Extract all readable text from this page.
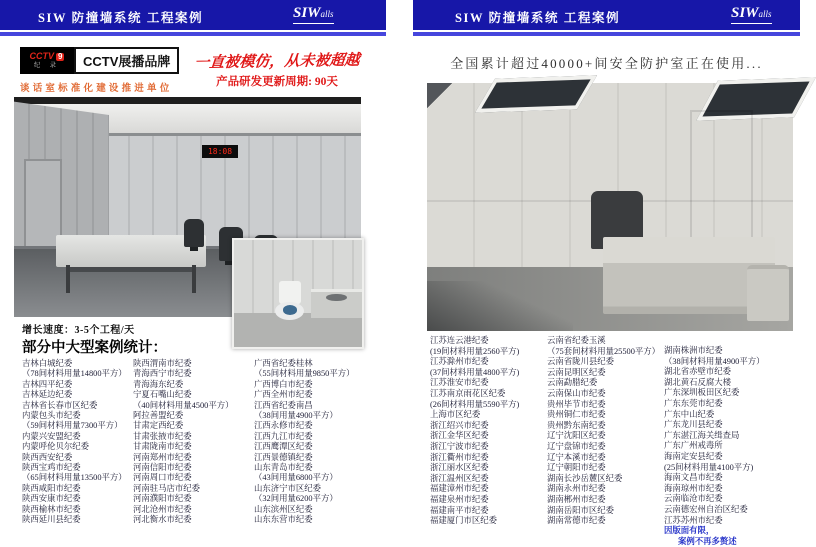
SIW 防撞墙系统 工程案例	SIWalls
CCTV 9
纪 录	CCTV展播品牌
谈话室标准化建设推进单位
一直被模仿，从未被超越
产品研发更新周期: 90天
18:08
增长速度：3-5个工程/天
部分中大型案例统计：
吉林白城纪委
（78间材料用量14800平方）
吉林四平纪委
吉林延边纪委
吉林省长春市区纪委
内蒙包头市纪委
（59间材料用量7300平方）
内蒙兴安盟纪委
内蒙呼伦贝尔纪委
陕西西安纪委
陕西宝鸡市纪委
（65间材料用量13500平方）
陕西咸阳市纪委
陕西安康市纪委
陕西榆林市纪委
陕西延川县纪委
陕西渭南市纪委
青海西宁市纪委
青海海东纪委
宁夏石嘴山纪委
（40间材料用量4500平方）
阿拉善盟纪委
甘肃定西纪委
甘肃张掖市纪委
甘肃陇南市纪委
河南郑州市纪委
河南信阳市纪委
河南周口市纪委
河南驻马店市纪委
河南濮阳市纪委
河北沧州市纪委
河北衡水市纪委
广西省纪委桂林
（55间材料用量9850平方）
广西博白市纪委
广西全州市纪委
江西省纪委南昌
（38间用量4900平方）
江西永修市纪委
江西九江市纪委
江西鹰潭区纪委
江西景德镇纪委
山东青岛市纪委
（43间用量6800平方）
山东济宁市区纪委
（32间用量6200平方）
山东滨州区纪委
山东东营市纪委
SIW 防撞墙系统 工程案例	SIWalls
全国累计超过40000+间安全防护室正在使用...
江苏连云港纪委
(19间材料用量2560平方)
江苏滁州市纪委
(37间材料用量4800平方)
江苏淮安市纪委
江苏南京雨花区纪委
(26间材料用量5590平方)
上海市区纪委
浙江绍兴市纪委
浙江金华区纪委
浙江宁波市纪委
浙江衢州市纪委
浙江丽水区纪委
浙江温州区纪委
福建漳州市纪委
福建泉州市纪委
福建南平市纪委
福建厦门市区纪委
云南省纪委玉溪
（75套间材料用量25500平方）
云南省陇川县纪委
云南昆明区纪委
云南勐腊纪委
云南保山市纪委
贵州毕节市纪委
贵州铜仁市纪委
贵州黔东南纪委
辽宁沈阳区纪委
辽宁盘锦市纪委
辽宁本溪市纪委
辽宁朝阳市纪委
湖南长沙岳麓区纪委
湖南永州市纪委
湖南郴州市纪委
湖南岳阳市区纪委
湖南常德市纪委
湖南株洲市纪委
（38间材料用量4900平方）
湖北省赤壁市纪委
湖北黄石反腐大楼
广东深圳板田区纪委
广东东莞市纪委
广东中山纪委
广东龙川县纪委
广东湛江海关缉查局
广东广州戒毒所
海南定安县纪委
(25间材料用量4100平方)
海南文昌市纪委
海南琼州市纪委
云南临沧市纪委
云南德宏州自治区纪委
江苏苏州市纪委
因版面有限，
案例不再多赘述
